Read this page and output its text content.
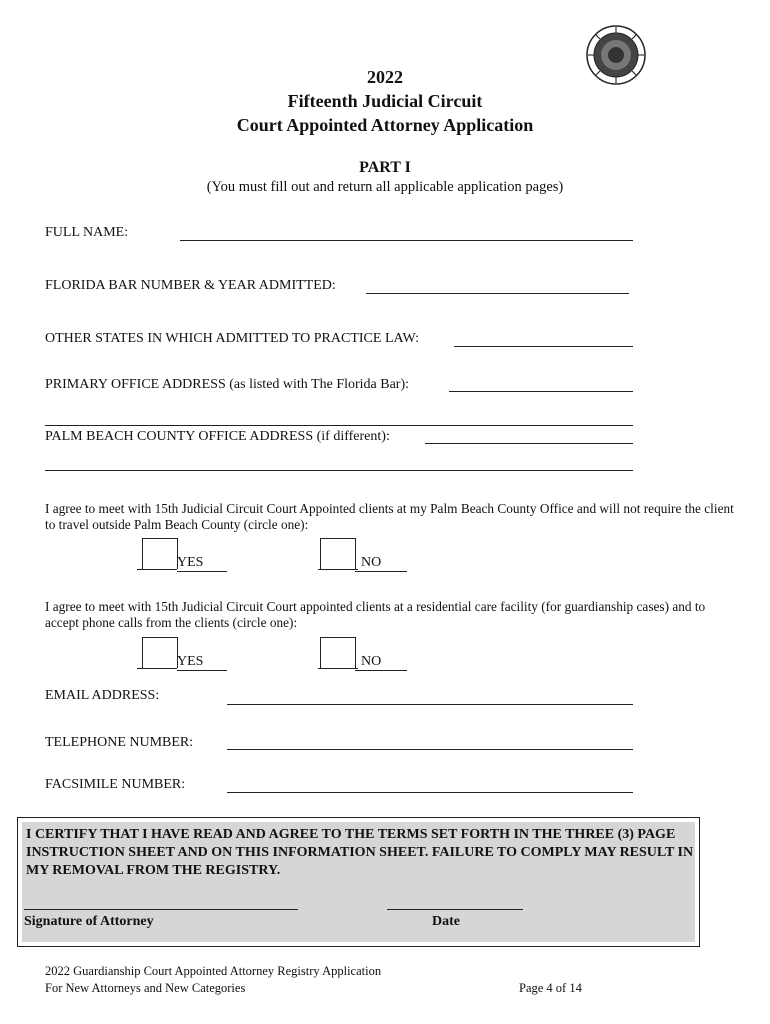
2022
Fifteenth Judicial Circuit
Court Appointed Attorney Application
PART I
(You must fill out and return all applicable application pages)
FULL NAME:
FLORIDA BAR NUMBER & YEAR ADMITTED:
OTHER STATES IN WHICH ADMITTED TO PRACTICE LAW:
PRIMARY OFFICE ADDRESS (as listed with The Florida Bar):
PALM BEACH COUNTY OFFICE ADDRESS (if different):
I agree to meet with 15th Judicial Circuit Court Appointed clients at my Palm Beach County Office and will not require the client to travel outside Palm Beach County (circle one):
YES	NO
I agree to meet with 15th Judicial Circuit Court appointed clients at a residential care facility (for guardianship cases) and to accept phone calls from the clients (circle one):
YES	NO
EMAIL ADDRESS:
TELEPHONE NUMBER:
FACSIMILE NUMBER:
I CERTIFY THAT I HAVE READ AND AGREE TO THE TERMS SET FORTH IN THE THREE (3) PAGE INSTRUCTION SHEET AND ON THIS INFORMATION SHEET. FAILURE TO COMPLY MAY RESULT IN MY REMOVAL FROM THE REGISTRY.
Signature of Attorney	Date
2022 Guardianship Court Appointed Attorney Registry Application
For New Attorneys and New Categories	Page 4 of 14
